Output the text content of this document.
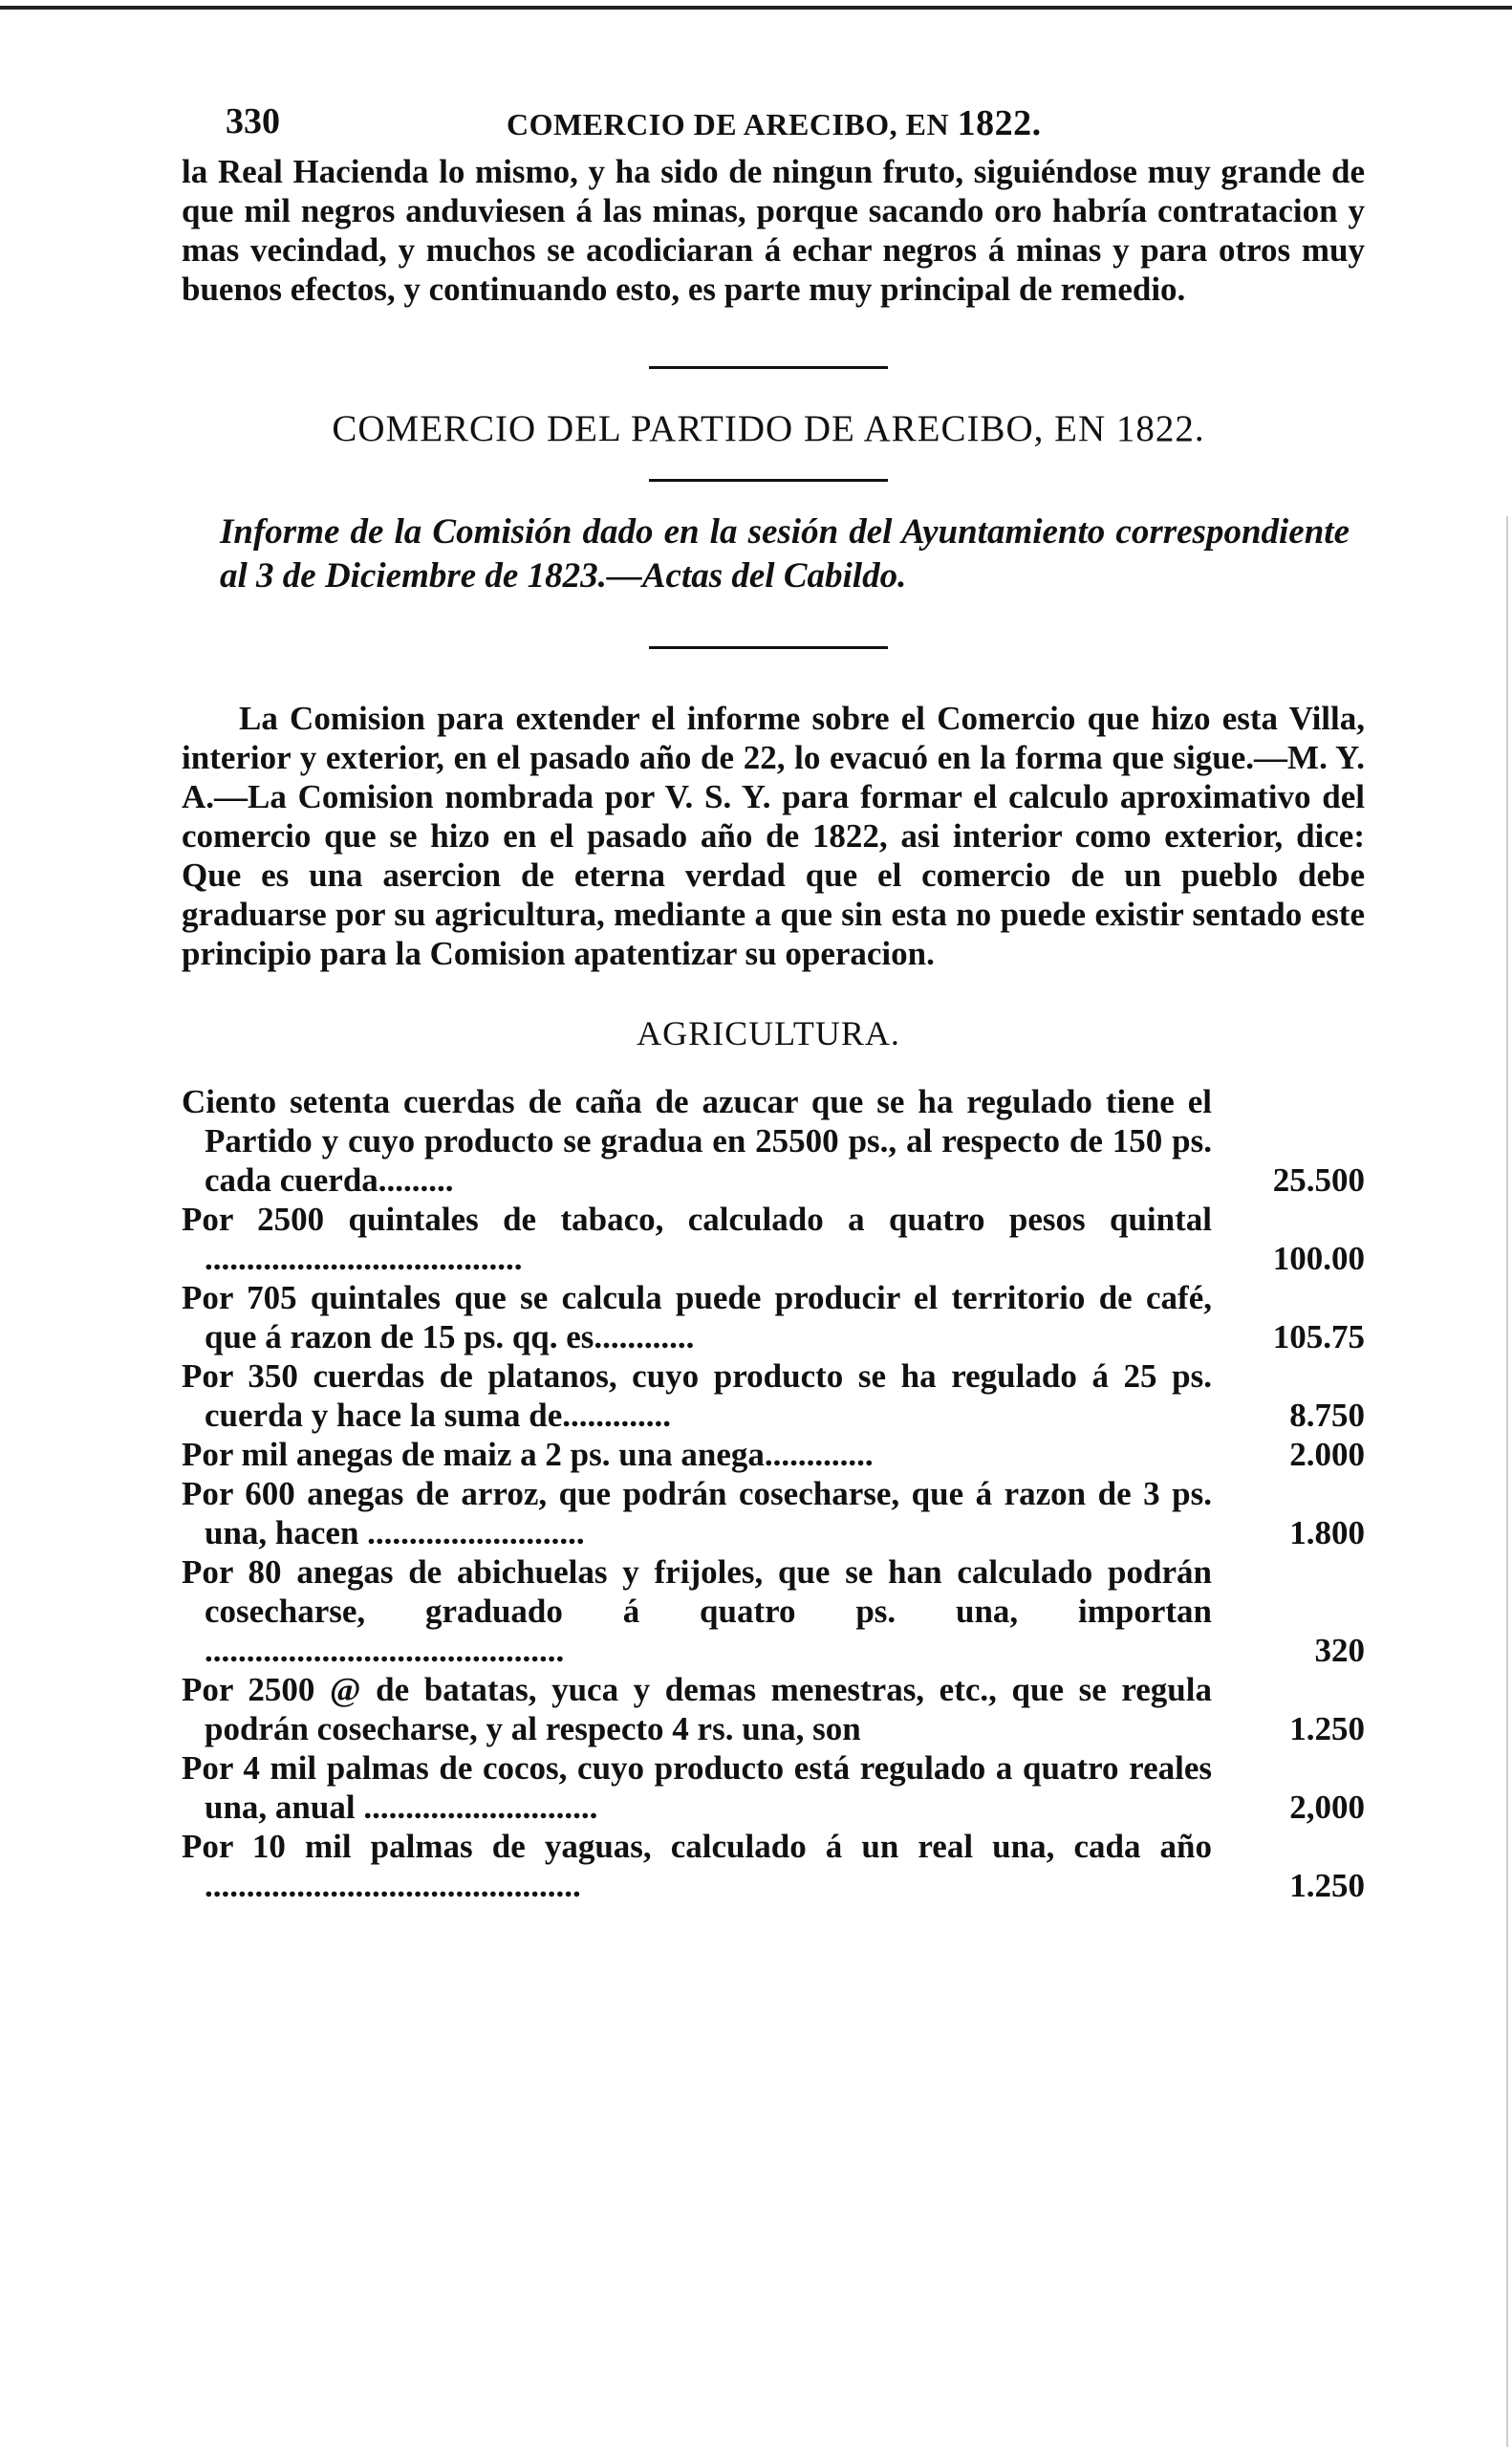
330	COMERCIO DE ARECIBO, EN 1822.

la Real Hacienda lo mismo, y ha sido de ningun fruto, siguiéndose muy grande de que mil negros anduviesen á las minas, porque sacando oro habría contratacion y mas vecindad, y muchos se acodiciaran á echar negros á minas y para otros muy buenos efectos, y continuando esto, es parte muy principal de remedio.

COMERCIO DEL PARTIDO DE ARECIBO, EN 1822.

Informe de la Comisión dado en la sesión del Ayuntamiento correspondiente al 3 de Diciembre de 1823.—Actas del Cabildo.

La Comision para extender el informe sobre el Comercio que hizo esta Villa, interior y exterior, en el pasado año de 22, lo evacuó en la forma que sigue.—M. Y. A.—La Comision nombrada por V. S. Y. para formar el calculo aproximativo del comercio que se hizo en el pasado año de 1822, asi interior como exterior, dice: Que es una asercion de eterna verdad que el comercio de un pueblo debe graduarse por su agricultura, mediante a que sin esta no puede existir sentado este principio para la Comision apatentizar su operacion.

AGRICULTURA.

Ciento setenta cuerdas de caña de azucar que se ha regulado tiene el Partido y cuyo producto se gradua en 25500 ps., al respecto de 150 ps. cada cuerda.........	25.500
Por 2500 quintales de tabaco, calculado a quatro pesos quintal ......................................	100.00
Por 705 quintales que se calcula puede producir el territorio de café, que á razon de 15 ps. qq. es............	105.75
Por 350 cuerdas de platanos, cuyo producto se ha regulado á 25 ps. cuerda y hace la suma de.............	8.750
Por mil anegas de maiz a 2 ps. una anega.............	2.000
Por 600 anegas de arroz, que podrán cosecharse, que á razon de 3 ps. una, hacen ..........................	1.800
Por 80 anegas de abichuelas y frijoles, que se han calculado podrán cosecharse, graduado á quatro ps. una, importan ...........................................	320
Por 2500 @ de batatas, yuca y demas menestras, etc., que se regula podrán cosecharse, y al respecto 4 rs. una, son	1.250
Por 4 mil palmas de cocos, cuyo producto está regulado a quatro reales una, anual ............................	2,000
Por 10 mil palmas de yaguas, calculado á un real una, cada año .............................................	1.250
